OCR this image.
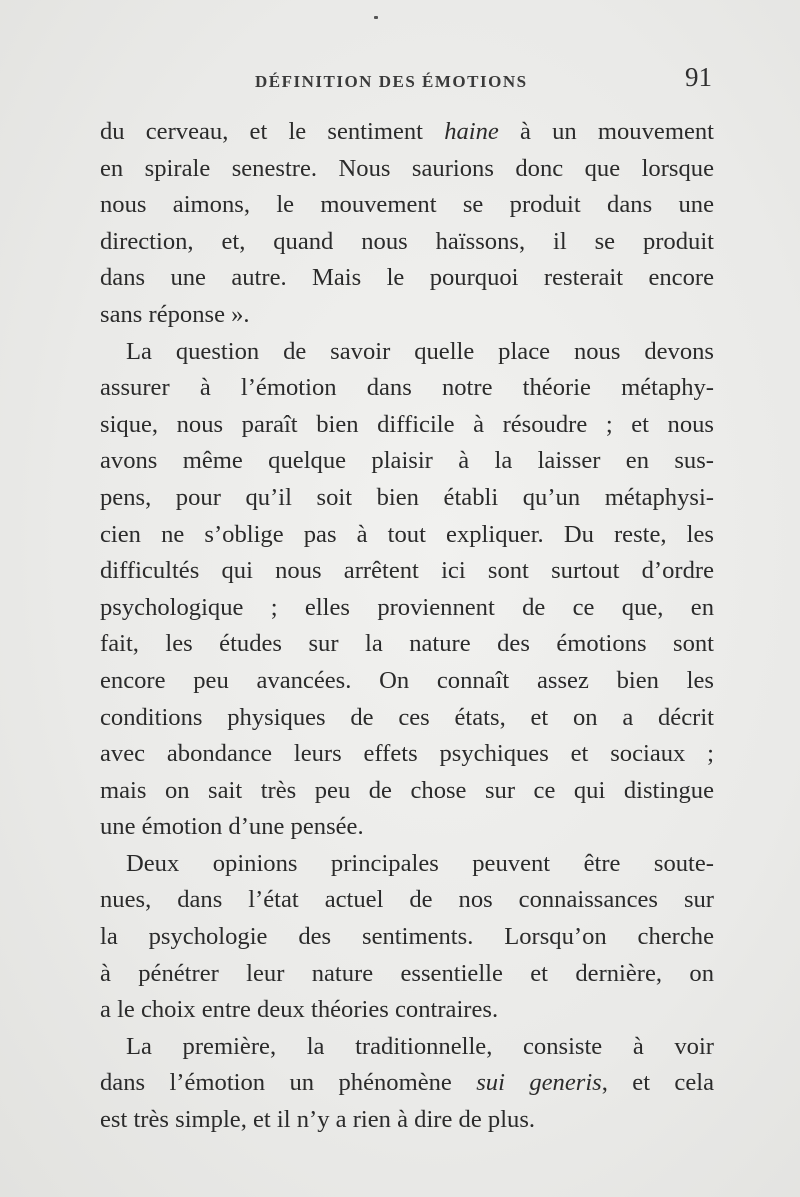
DÉFINITION DES ÉMOTIONS	91
du cerveau, et le sentiment haine à un mouvement
en spirale senestre. Nous saurions donc que lorsque
nous aimons, le mouvement se produit dans une
direction, et, quand nous haïssons, il se produit
dans une autre. Mais le pourquoi resterait encore
sans réponse ».
La question de savoir quelle place nous devons
assurer à l’émotion dans notre théorie métaphy-
sique, nous paraît bien difficile à résoudre ; et nous
avons même quelque plaisir à la laisser en sus-
pens, pour qu’il soit bien établi qu’un métaphysi-
cien ne s’oblige pas à tout expliquer. Du reste, les
difficultés qui nous arrêtent ici sont surtout d’ordre
psychologique ; elles proviennent de ce que, en
fait, les études sur la nature des émotions sont
encore peu avancées. On connaît assez bien les
conditions physiques de ces états, et on a décrit
avec abondance leurs effets psychiques et sociaux ;
mais on sait très peu de chose sur ce qui distingue
une émotion d’une pensée.
Deux opinions principales peuvent être soute-
nues, dans l’état actuel de nos connaissances sur
la psychologie des sentiments. Lorsqu’on cherche
à pénétrer leur nature essentielle et dernière, on
a le choix entre deux théories contraires.
La première, la traditionnelle, consiste à voir
dans l’émotion un phénomène sui generis, et cela
est très simple, et il n’y a rien à dire de plus.
